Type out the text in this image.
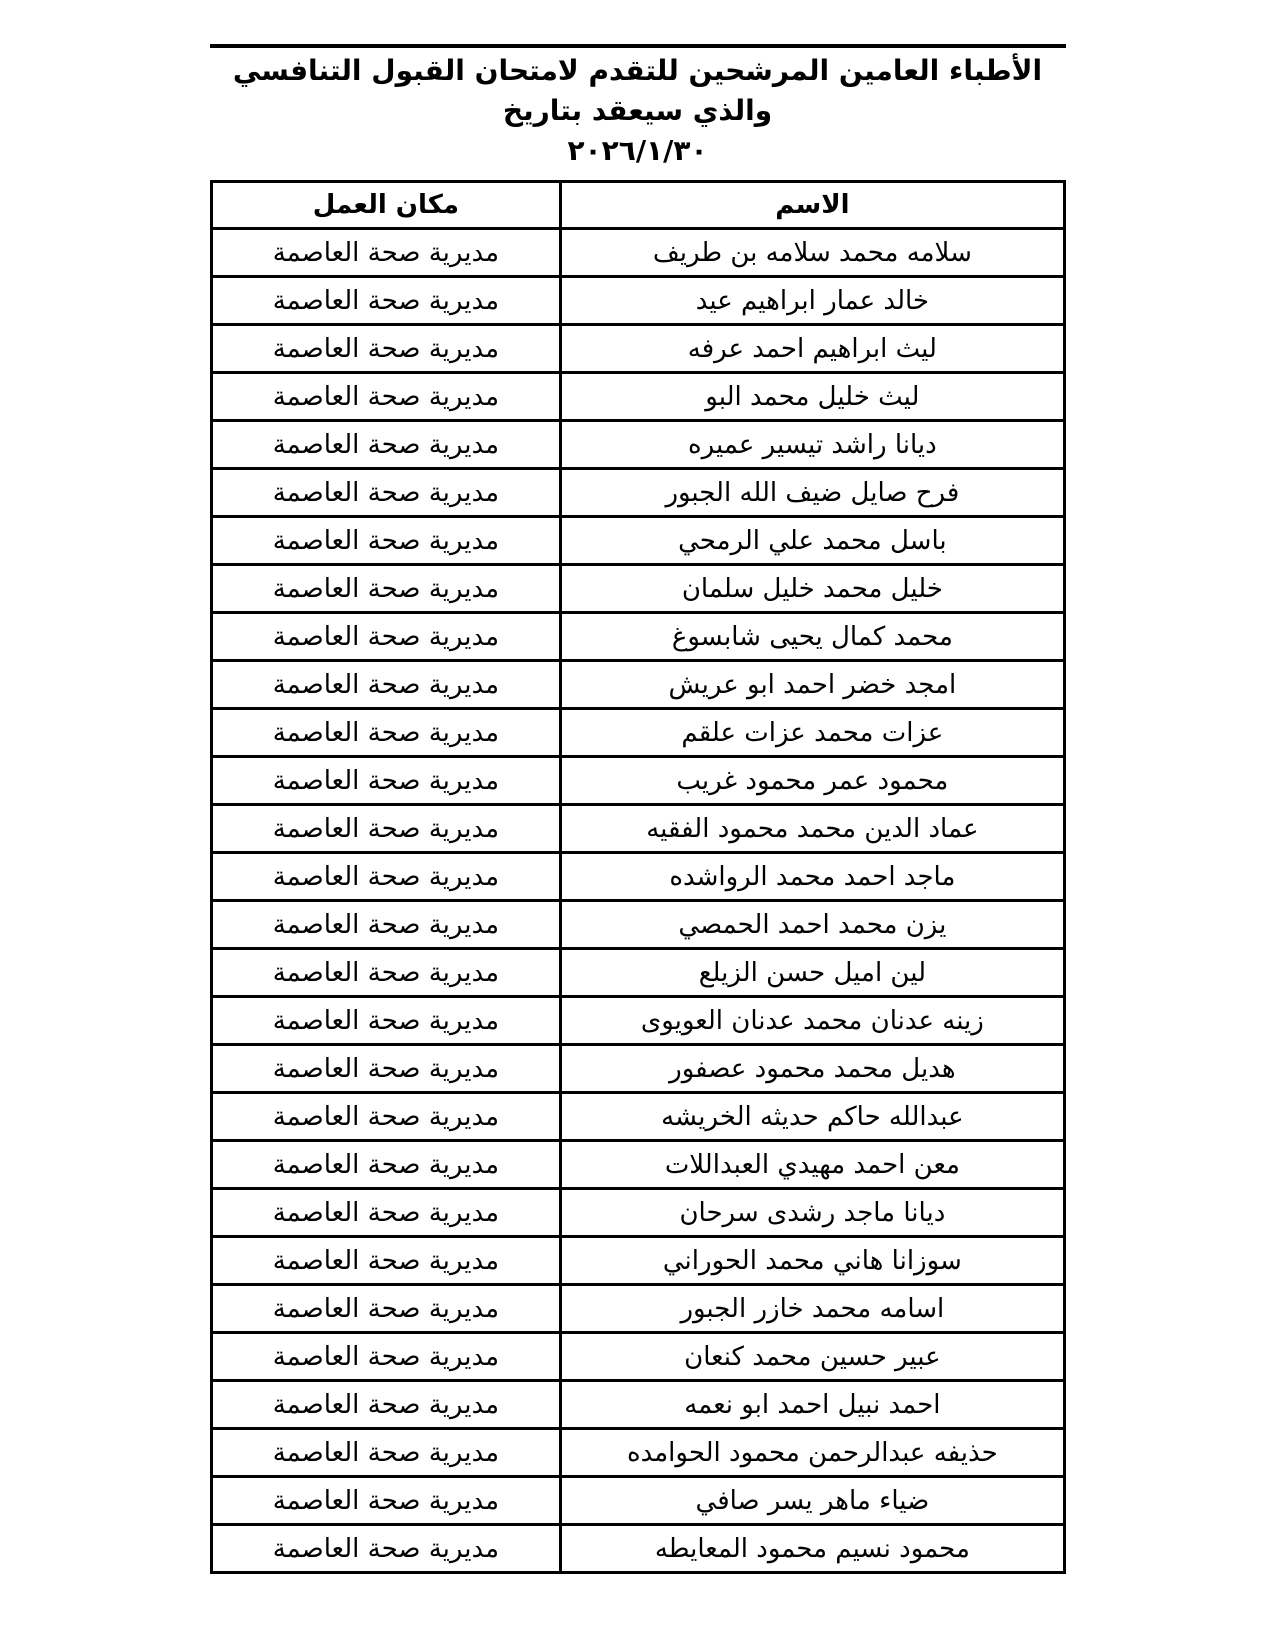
الأطباء العامين المرشحين للتقدم لامتحان القبول التنافسي والذي سيعقد بتاريخ
٢٠٢٦/١/٣٠
الاسم	مكان العمل
سلامه محمد سلامه بن طريف	مديرية صحة العاصمة
خالد عمار ابراهيم عيد	مديرية صحة العاصمة
ليث ابراهيم احمد عرفه	مديرية صحة العاصمة
ليث خليل محمد البو	مديرية صحة العاصمة
ديانا راشد تيسير عميره	مديرية صحة العاصمة
فرح صايل ضيف الله الجبور	مديرية صحة العاصمة
باسل محمد علي الرمحي	مديرية صحة العاصمة
خليل محمد خليل سلمان	مديرية صحة العاصمة
محمد كمال يحيى شابسوغ	مديرية صحة العاصمة
امجد خضر احمد ابو عريش	مديرية صحة العاصمة
عزات محمد عزات علقم	مديرية صحة العاصمة
محمود عمر محمود غريب	مديرية صحة العاصمة
عماد الدين محمد محمود الفقيه	مديرية صحة العاصمة
ماجد احمد محمد الرواشده	مديرية صحة العاصمة
يزن محمد احمد الحمصي	مديرية صحة العاصمة
لين اميل حسن الزيلع	مديرية صحة العاصمة
زينه عدنان محمد عدنان العويوى	مديرية صحة العاصمة
هديل محمد محمود عصفور	مديرية صحة العاصمة
عبدالله حاكم حديثه الخريشه	مديرية صحة العاصمة
معن احمد مهيدي العبداللات	مديرية صحة العاصمة
ديانا ماجد رشدى سرحان	مديرية صحة العاصمة
سوزانا هاني محمد الحوراني	مديرية صحة العاصمة
اسامه محمد خازر الجبور	مديرية صحة العاصمة
عبير حسين محمد كنعان	مديرية صحة العاصمة
احمد نبيل احمد ابو نعمه	مديرية صحة العاصمة
حذيفه عبدالرحمن محمود الحوامده	مديرية صحة العاصمة
ضياء ماهر يسر صافي	مديرية صحة العاصمة
محمود نسيم محمود المعايطه	مديرية صحة العاصمة
